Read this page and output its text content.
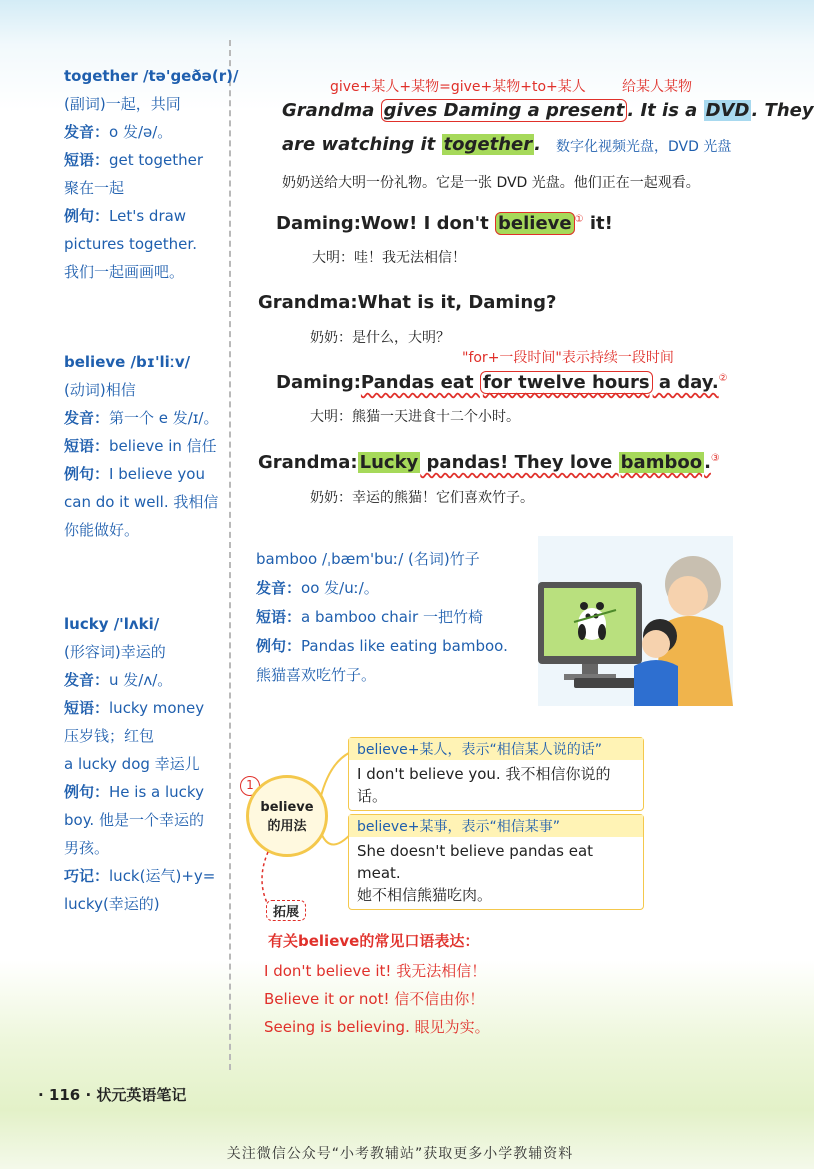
together /tə'geðə(r)/
(副词)一起，共同
发音：o 发/ə/。
短语：get together
聚在一起
例句：Let's draw
pictures together.
我们一起画画吧。
believe /bɪ'liːv/
(动词)相信
发音：第一个 e 发/ɪ/。
短语：believe in 信任
例句：I believe you
can do it well. 我相信
你能做好。
lucky /'lʌki/
(形容词)幸运的
发音：u 发/ʌ/。
短语：lucky money
压岁钱；红包
a lucky dog 幸运儿
例句：He is a lucky
boy. 他是一个幸运的
男孩。
巧记：luck(运气)+y=
lucky(幸运的)
give+某人+某物=give+某物+to+某人	给某人某物
Grandma gives Daming a present . It is a DVD . They
are watching it together . 数字化视频光盘，DVD 光盘
奶奶送给大明一份礼物。它是一张 DVD 光盘。他们正在一起观看。
Daming:Wow! I don't believe ① it!
大明：哇！我无法相信！
Grandma:What is it, Daming?
奶奶：是什么，大明？
"for+一段时间"表示持续一段时间
Daming:Pandas eat for twelve hours a day.②
大明：熊猫一天进食十二个小时。
Grandma: Lucky pandas! They love bamboo .③
奶奶：幸运的熊猫！它们喜欢竹子。
bamboo /ˌbæm'buː/ (名词)竹子
发音：oo 发/uː/。
短语：a bamboo chair 一把竹椅
例句：Pandas like eating bamboo.
熊猫喜欢吃竹子。
1
believe
的用法
believe+某人，表示“相信某人说的话”
I don't believe you. 我不相信你说的话。
believe+某事，表示“相信某事”
She doesn't believe pandas eat meat.
她不相信熊猫吃肉。
拓展
有关believe的常见口语表达：
I don't believe it! 我无法相信！
Believe it or not! 信不信由你！
Seeing is believing. 眼见为实。
· 116 · 状元英语笔记
关注微信公众号“小考教辅站”获取更多小学教辅资料
